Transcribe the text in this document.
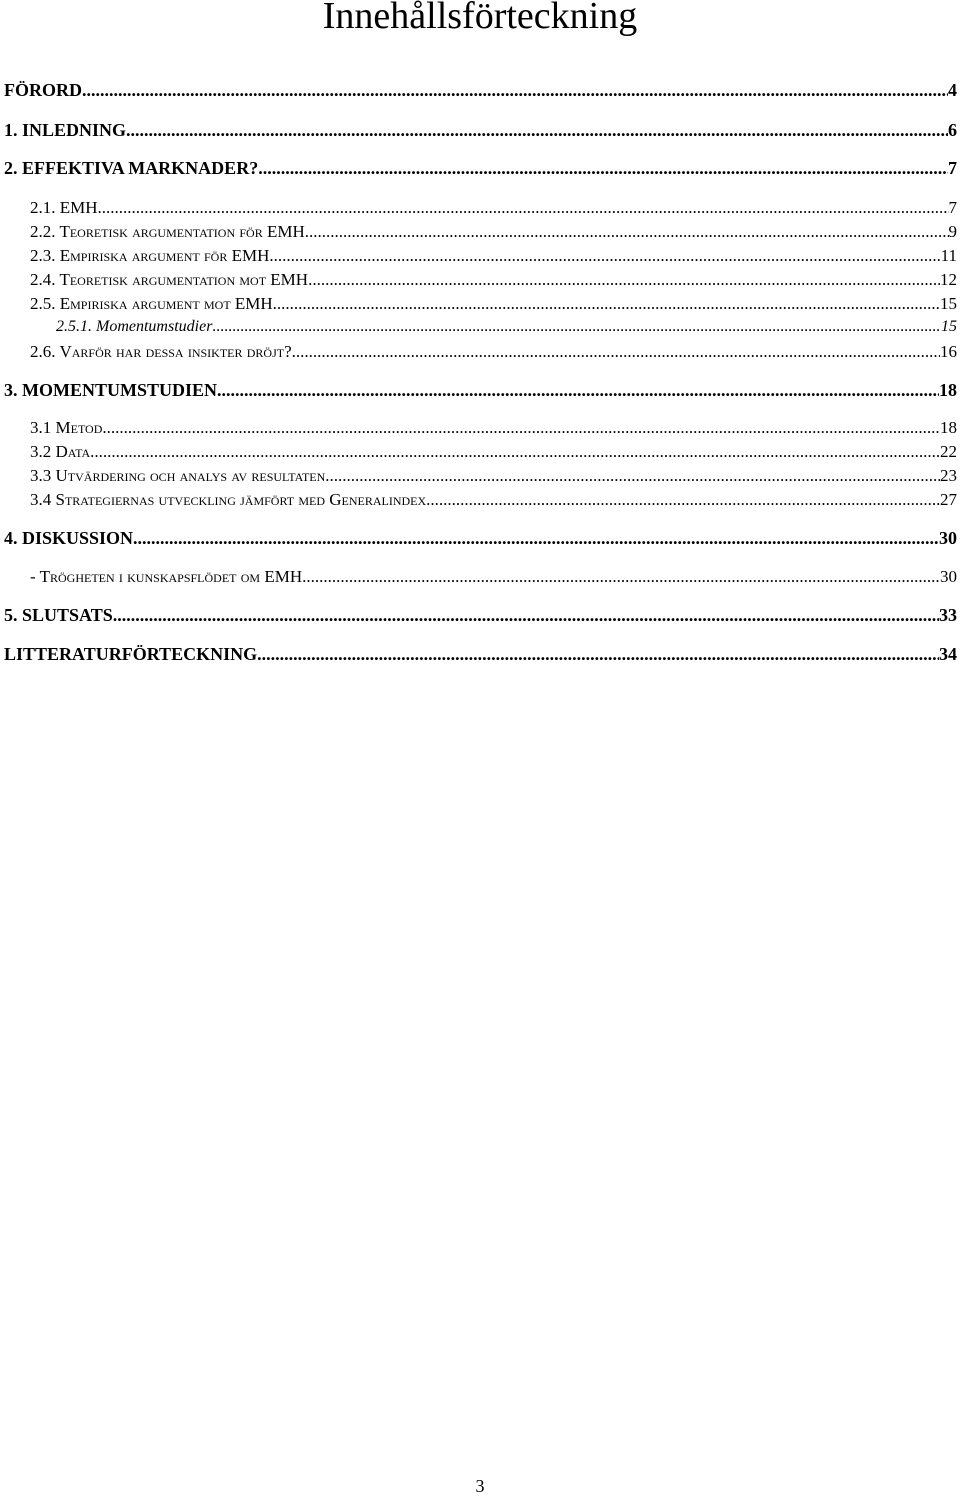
Innehållsförteckning
FÖRORD .....	4
1. INLEDNING .....	6
2. EFFEKTIVA MARKNADER? .....	7
2.1. EMH .....	7
2.2. Teoretisk argumentation för EMH .....	9
2.3. Empiriska argument för EMH .....	11
2.4. Teoretisk argumentation mot EMH .....	12
2.5. Empiriska argument mot EMH .....	15
2.5.1. Momentumstudier .....	15
2.6. Varför har dessa insikter dröjt? .....	16
3. MOMENTUMSTUDIEN .....	18
3.1 Metod .....	18
3.2 Data .....	22
3.3 Utvärdering och analys av resultaten .....	23
3.4 Strategiernas utveckling jämfört med Generalindex .....	27
4. DISKUSSION .....	30
- Trögheten i kunskapsflödet om EMH .....	30
5. SLUTSATS .....	33
LITTERATURFÖRTECKNING .....	34
3
